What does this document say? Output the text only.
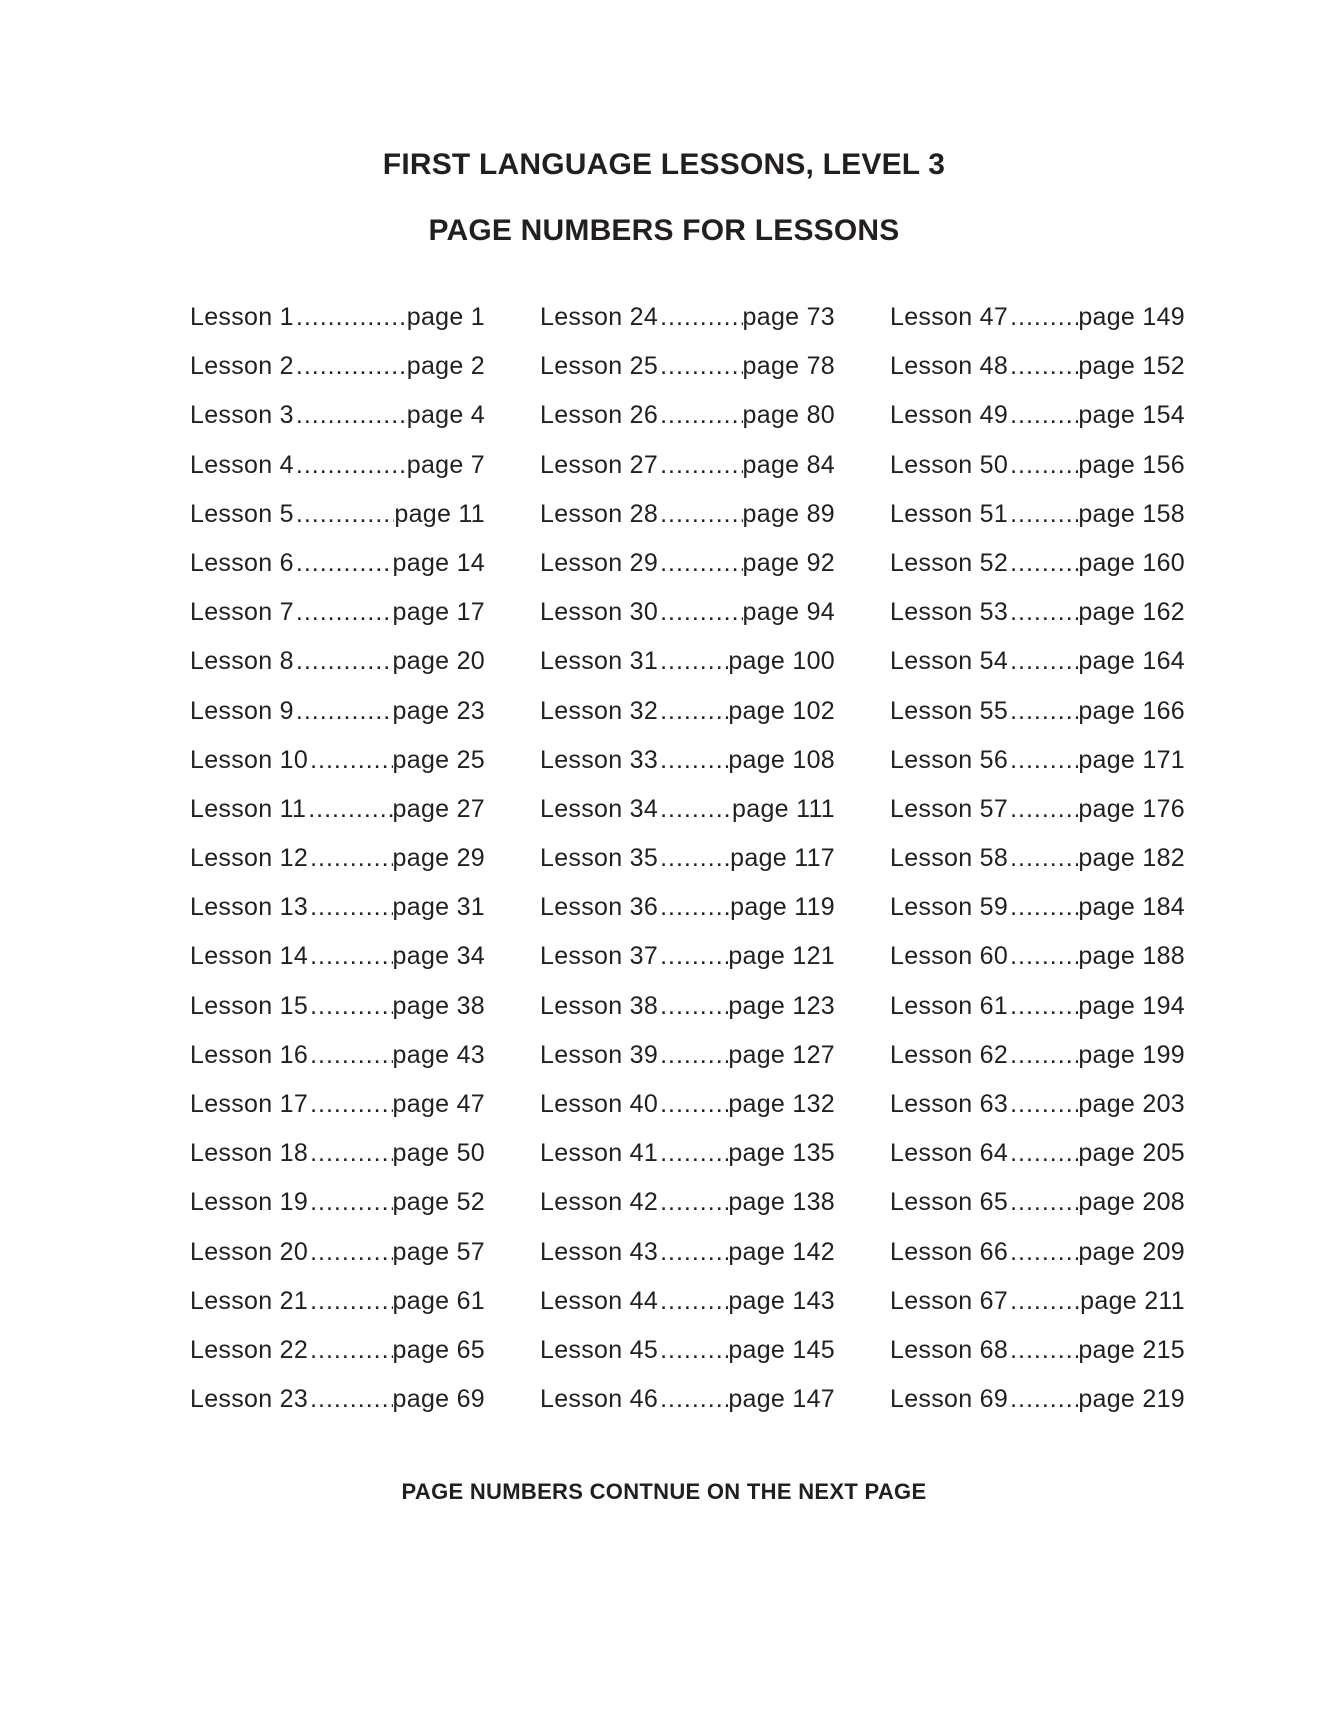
FIRST LANGUAGE LESSONS, LEVEL 3
PAGE NUMBERS FOR LESSONS
Lesson 1 .....	page 1
Lesson 2 .....	page 2
Lesson 3 .....	page 4
Lesson 4 .....	page 7
Lesson 5 .....	page 11
Lesson 6 .....	page 14
Lesson 7 .....	page 17
Lesson 8 .....	page 20
Lesson 9 .....	page 23
Lesson 10 .....	page 25
Lesson 11 .....	page 27
Lesson 12 .....	page 29
Lesson 13 .....	page 31
Lesson 14 .....	page 34
Lesson 15 .....	page 38
Lesson 16 .....	page 43
Lesson 17 .....	page 47
Lesson 18 .....	page 50
Lesson 19 .....	page 52
Lesson 20 .....	page 57
Lesson 21 .....	page 61
Lesson 22 .....	page 65
Lesson 23 .....	page 69
Lesson 24 .....	page 73
Lesson 25 .....	page 78
Lesson 26 .....	page 80
Lesson 27 .....	page 84
Lesson 28 .....	page 89
Lesson 29 .....	page 92
Lesson 30 .....	page 94
Lesson 31 .....	page 100
Lesson 32 .....	page 102
Lesson 33 .....	page 108
Lesson 34 .....	page 111
Lesson 35 .....	page 117
Lesson 36 .....	page 119
Lesson 37 .....	page 121
Lesson 38 .....	page 123
Lesson 39 .....	page 127
Lesson 40 .....	page 132
Lesson 41 .....	page 135
Lesson 42 .....	page 138
Lesson 43 .....	page 142
Lesson 44 .....	page 143
Lesson 45 .....	page 145
Lesson 46 .....	page 147
Lesson 47 .....	page 149
Lesson 48 .....	page 152
Lesson 49 .....	page 154
Lesson 50 .....	page 156
Lesson 51 .....	page 158
Lesson 52 .....	page 160
Lesson 53 .....	page 162
Lesson 54 .....	page 164
Lesson 55 .....	page 166
Lesson 56 .....	page 171
Lesson 57 .....	page 176
Lesson 58 .....	page 182
Lesson 59 .....	page 184
Lesson 60 .....	page 188
Lesson 61 .....	page 194
Lesson 62 .....	page 199
Lesson 63 .....	page 203
Lesson 64 .....	page 205
Lesson 65 .....	page 208
Lesson 66 .....	page 209
Lesson 67 .....	page 211
Lesson 68 .....	page 215
Lesson 69 .....	page 219

PAGE NUMBERS CONTNUE ON THE NEXT PAGE
